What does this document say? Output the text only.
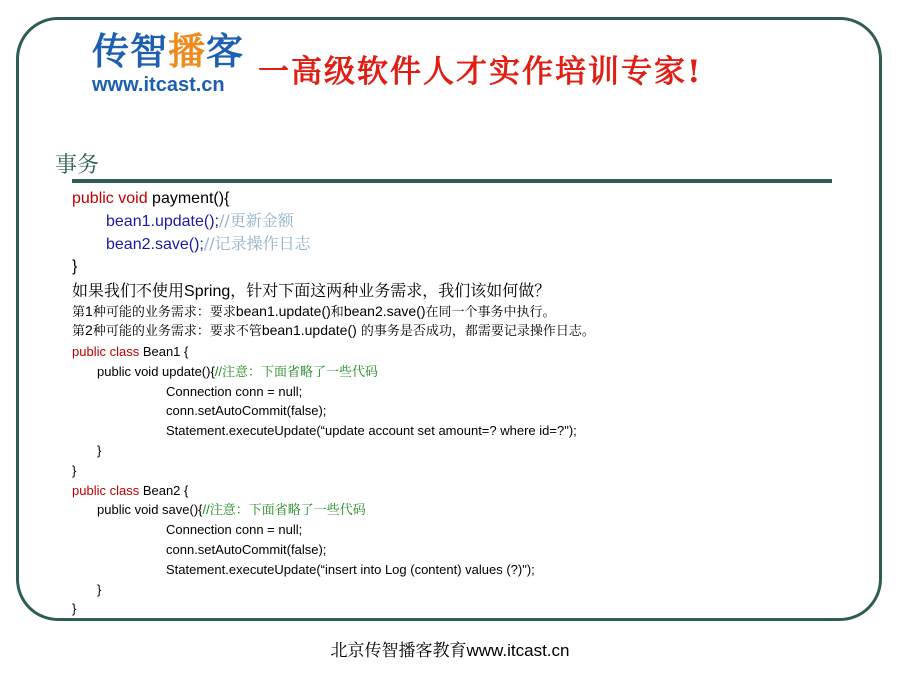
传智播客
www.itcast.cn	一高级软件人才实作培训专家!
事务
public void payment(){
bean1.update();//更新金额
bean2.save();//记录操作日志
}
如果我们不使用Spring，针对下面这两种业务需求，我们该如何做？
第1种可能的业务需求：要求bean1.update()和bean2.save()在同一个事务中执行。
第2种可能的业务需求：要求不管bean1.update() 的事务是否成功，都需要记录操作日志。
public class Bean1 {
public void update(){//注意：下面省略了一些代码
Connection conn = null;
conn.setAutoCommit(false);
Statement.executeUpdate(“update account set amount=? where id=?");
}
}
public class Bean2 {
public void save(){//注意：下面省略了一些代码
Connection conn = null;
conn.setAutoCommit(false);
Statement.executeUpdate(“insert into Log (content) values (?)");
}
}
北京传智播客教育www.itcast.cn
